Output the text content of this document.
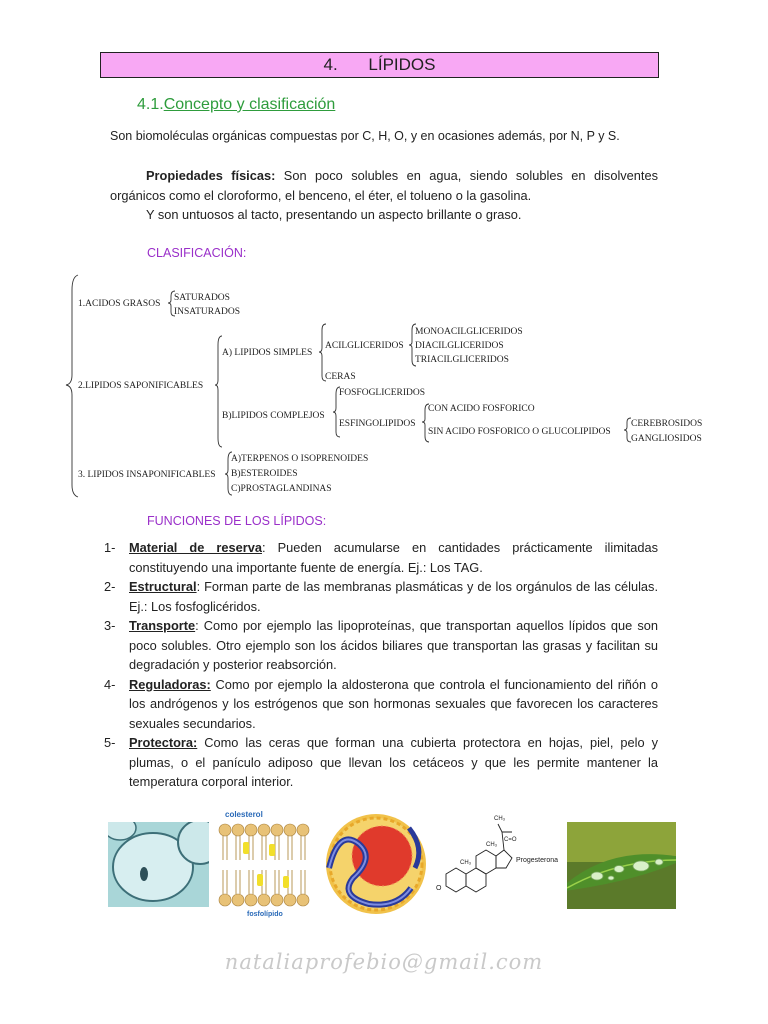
4. LÍPIDOS
4.1.Concepto y clasificación
Son biomoléculas orgánicas compuestas por C, H, O, y en ocasiones además, por N, P y S.
Propiedades físicas: Son poco solubles en agua, siendo solubles en disolventes orgánicos como el cloroformo, el benceno, el éter, el tolueno o la gasolina.
Y son untuosos al tacto, presentando un aspecto brillante o graso.
CLASIFICACIÓN:
1.ACIDOS GRASOS
SATURADOS
INSATURADOS
2.LIPIDOS SAPONIFICABLES
A) LIPIDOS SIMPLES
ACILGLICERIDOS
MONOACILGLICERIDOS
DIACILGLICERIDOS
TRIACILGLICERIDOS
CERAS
B)LIPIDOS COMPLEJOS
FOSFOGLICERIDOS
ESFINGOLIPIDOS
CON ACIDO FOSFORICO
SIN ACIDO FOSFORICO O GLUCOLIPIDOS
CEREBROSIDOS
GANGLIOSIDOS
3. LIPIDOS INSAPONIFICABLES
A)TERPENOS O ISOPRENOIDES
B)ESTEROIDES
C)PROSTAGLANDINAS
FUNCIONES DE LOS LÍPIDOS:
1-	Material de reserva: Pueden acumularse en cantidades prácticamente ilimitadas constituyendo una importante fuente de energía. Ej.: Los TAG.
2-	Estructural: Forman parte de las membranas plasmáticas y de los orgánulos de las células. Ej.: Los fosfoglicéridos.
3-	Transporte: Como por ejemplo las lipoproteínas, que transportan aquellos lípidos que son poco solubles. Otro ejemplo son los ácidos biliares que transportan las grasas y facilitan su degradación y posterior reabsorción.
4-	Reguladoras: Como por ejemplo la aldosterona que controla el funcionamiento del riñón o los andrógenos y los estrógenos que son hormonas sexuales que favorecen los caracteres sexuales secundarios.
5-	Protectora: Como las ceras que forman una cubierta protectora en hojas, piel, pelo y plumas, o el panículo adiposo que llevan los cetáceos y que les permite mantener la temperatura corporal interior.
colesterol
fosfolípido
O
CH₃
CH₃
CH₃
C=O
Progesterona
nataliaprofebio@gmail.com
